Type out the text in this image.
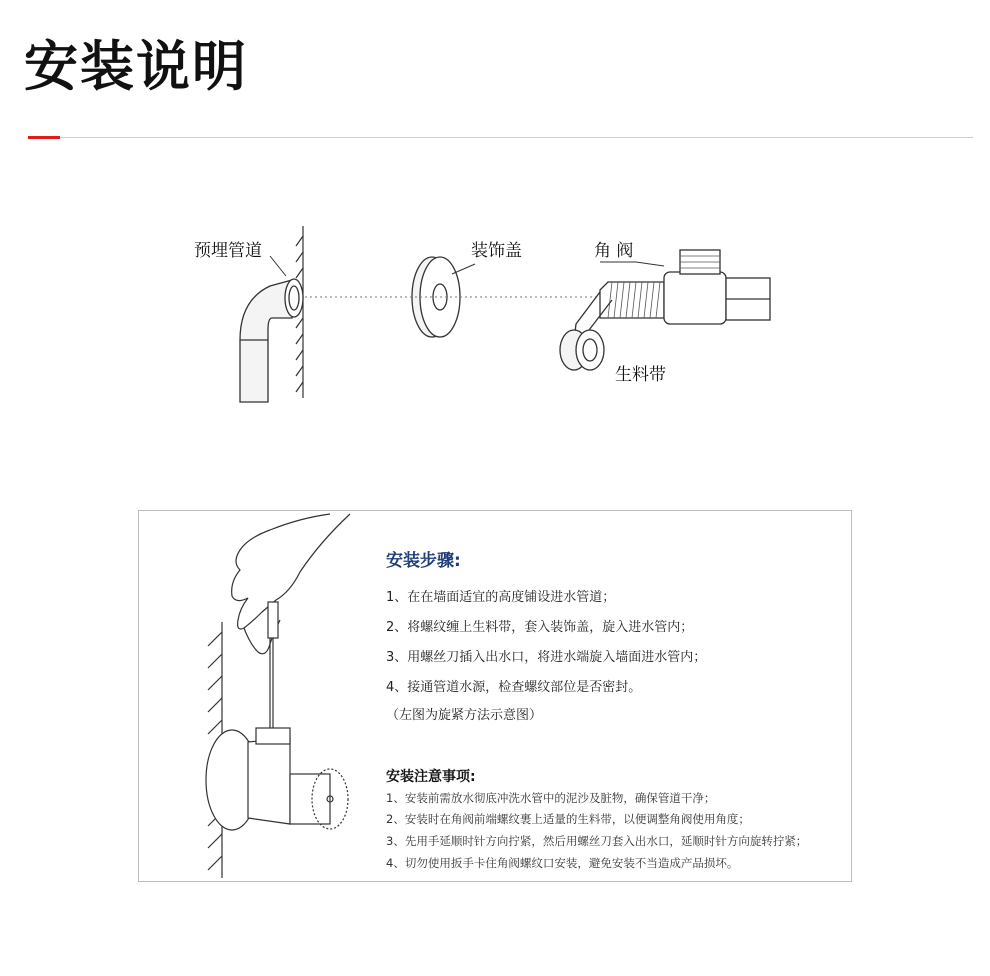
安装说明
预埋管道	装饰盖	角 阀
生料带
安装步骤:
1、在在墙面适宜的高度铺设进水管道；
2、将螺纹缠上生料带，套入装饰盖，旋入进水管内；
3、用螺丝刀插入出水口，将进水端旋入墙面进水管内；
4、接通管道水源，检查螺纹部位是否密封。
（左图为旋紧方法示意图）
安装注意事项:
1、安装前需放水彻底冲洗水管中的泥沙及脏物，确保管道干净；
2、安装时在角阀前端螺纹裹上适量的生料带，以便调整角阀使用角度；
3、先用手延顺时针方向拧紧，然后用螺丝刀套入出水口，延顺时针方向旋转拧紧；
4、切勿使用扳手卡住角阀螺纹口安装，避免安装不当造成产品损坏。
